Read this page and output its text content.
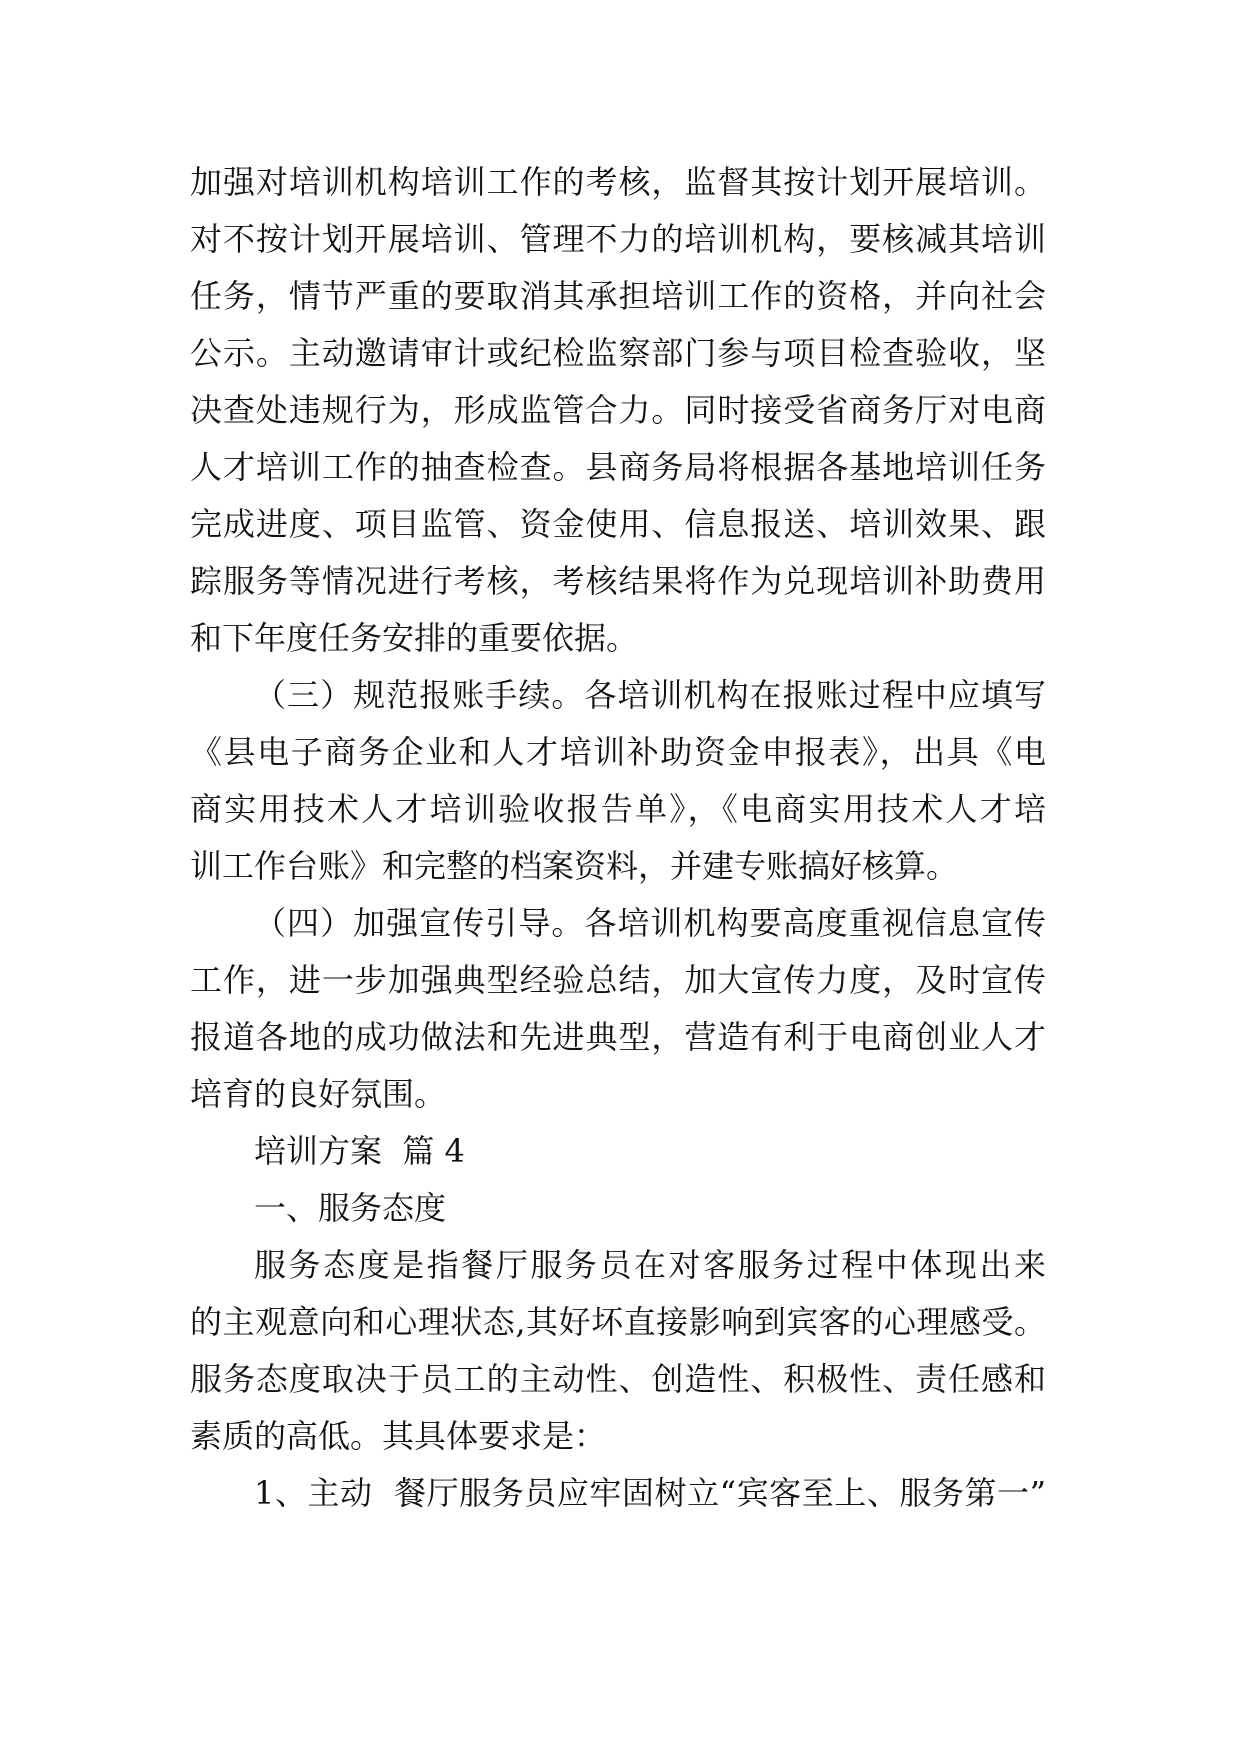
加强对培训机构培训工作的考核，监督其按计划开展培训。
对不按计划开展培训、管理不力的培训机构，要核减其培训
任务，情节严重的要取消其承担培训工作的资格，并向社会
公示。主动邀请审计或纪检监察部门参与项目检查验收，坚
决查处违规行为，形成监管合力。同时接受省商务厅对电商
人才培训工作的抽查检查。县商务局将根据各基地培训任务
完成进度、项目监管、资金使用、信息报送、培训效果、跟
踪服务等情况进行考核，考核结果将作为兑现培训补助费用
和下年度任务安排的重要依据。
（三）规范报账手续。各培训机构在报账过程中应填写
《县电子商务企业和人才培训补助资金申报表》，出具《电
商实用技术人才培训验收报告单》，《电商实用技术人才培
训工作台账》和完整的档案资料，并建专账搞好核算。
（四）加强宣传引导。各培训机构要高度重视信息宣传
工作，进一步加强典型经验总结，加大宣传力度，及时宣传
报道各地的成功做法和先进典型，营造有利于电商创业人才
培育的良好氛围。
培训方案  篇 4
一、服务态度
服务态度是指餐厅服务员在对客服务过程中体现出来
的主观意向和心理状态,其好坏直接影响到宾客的心理感受。
服务态度取决于员工的主动性、创造性、积极性、责任感和
素质的高低。其具体要求是：
1、主动  餐厅服务员应牢固树立“宾客至上、服务第一”
